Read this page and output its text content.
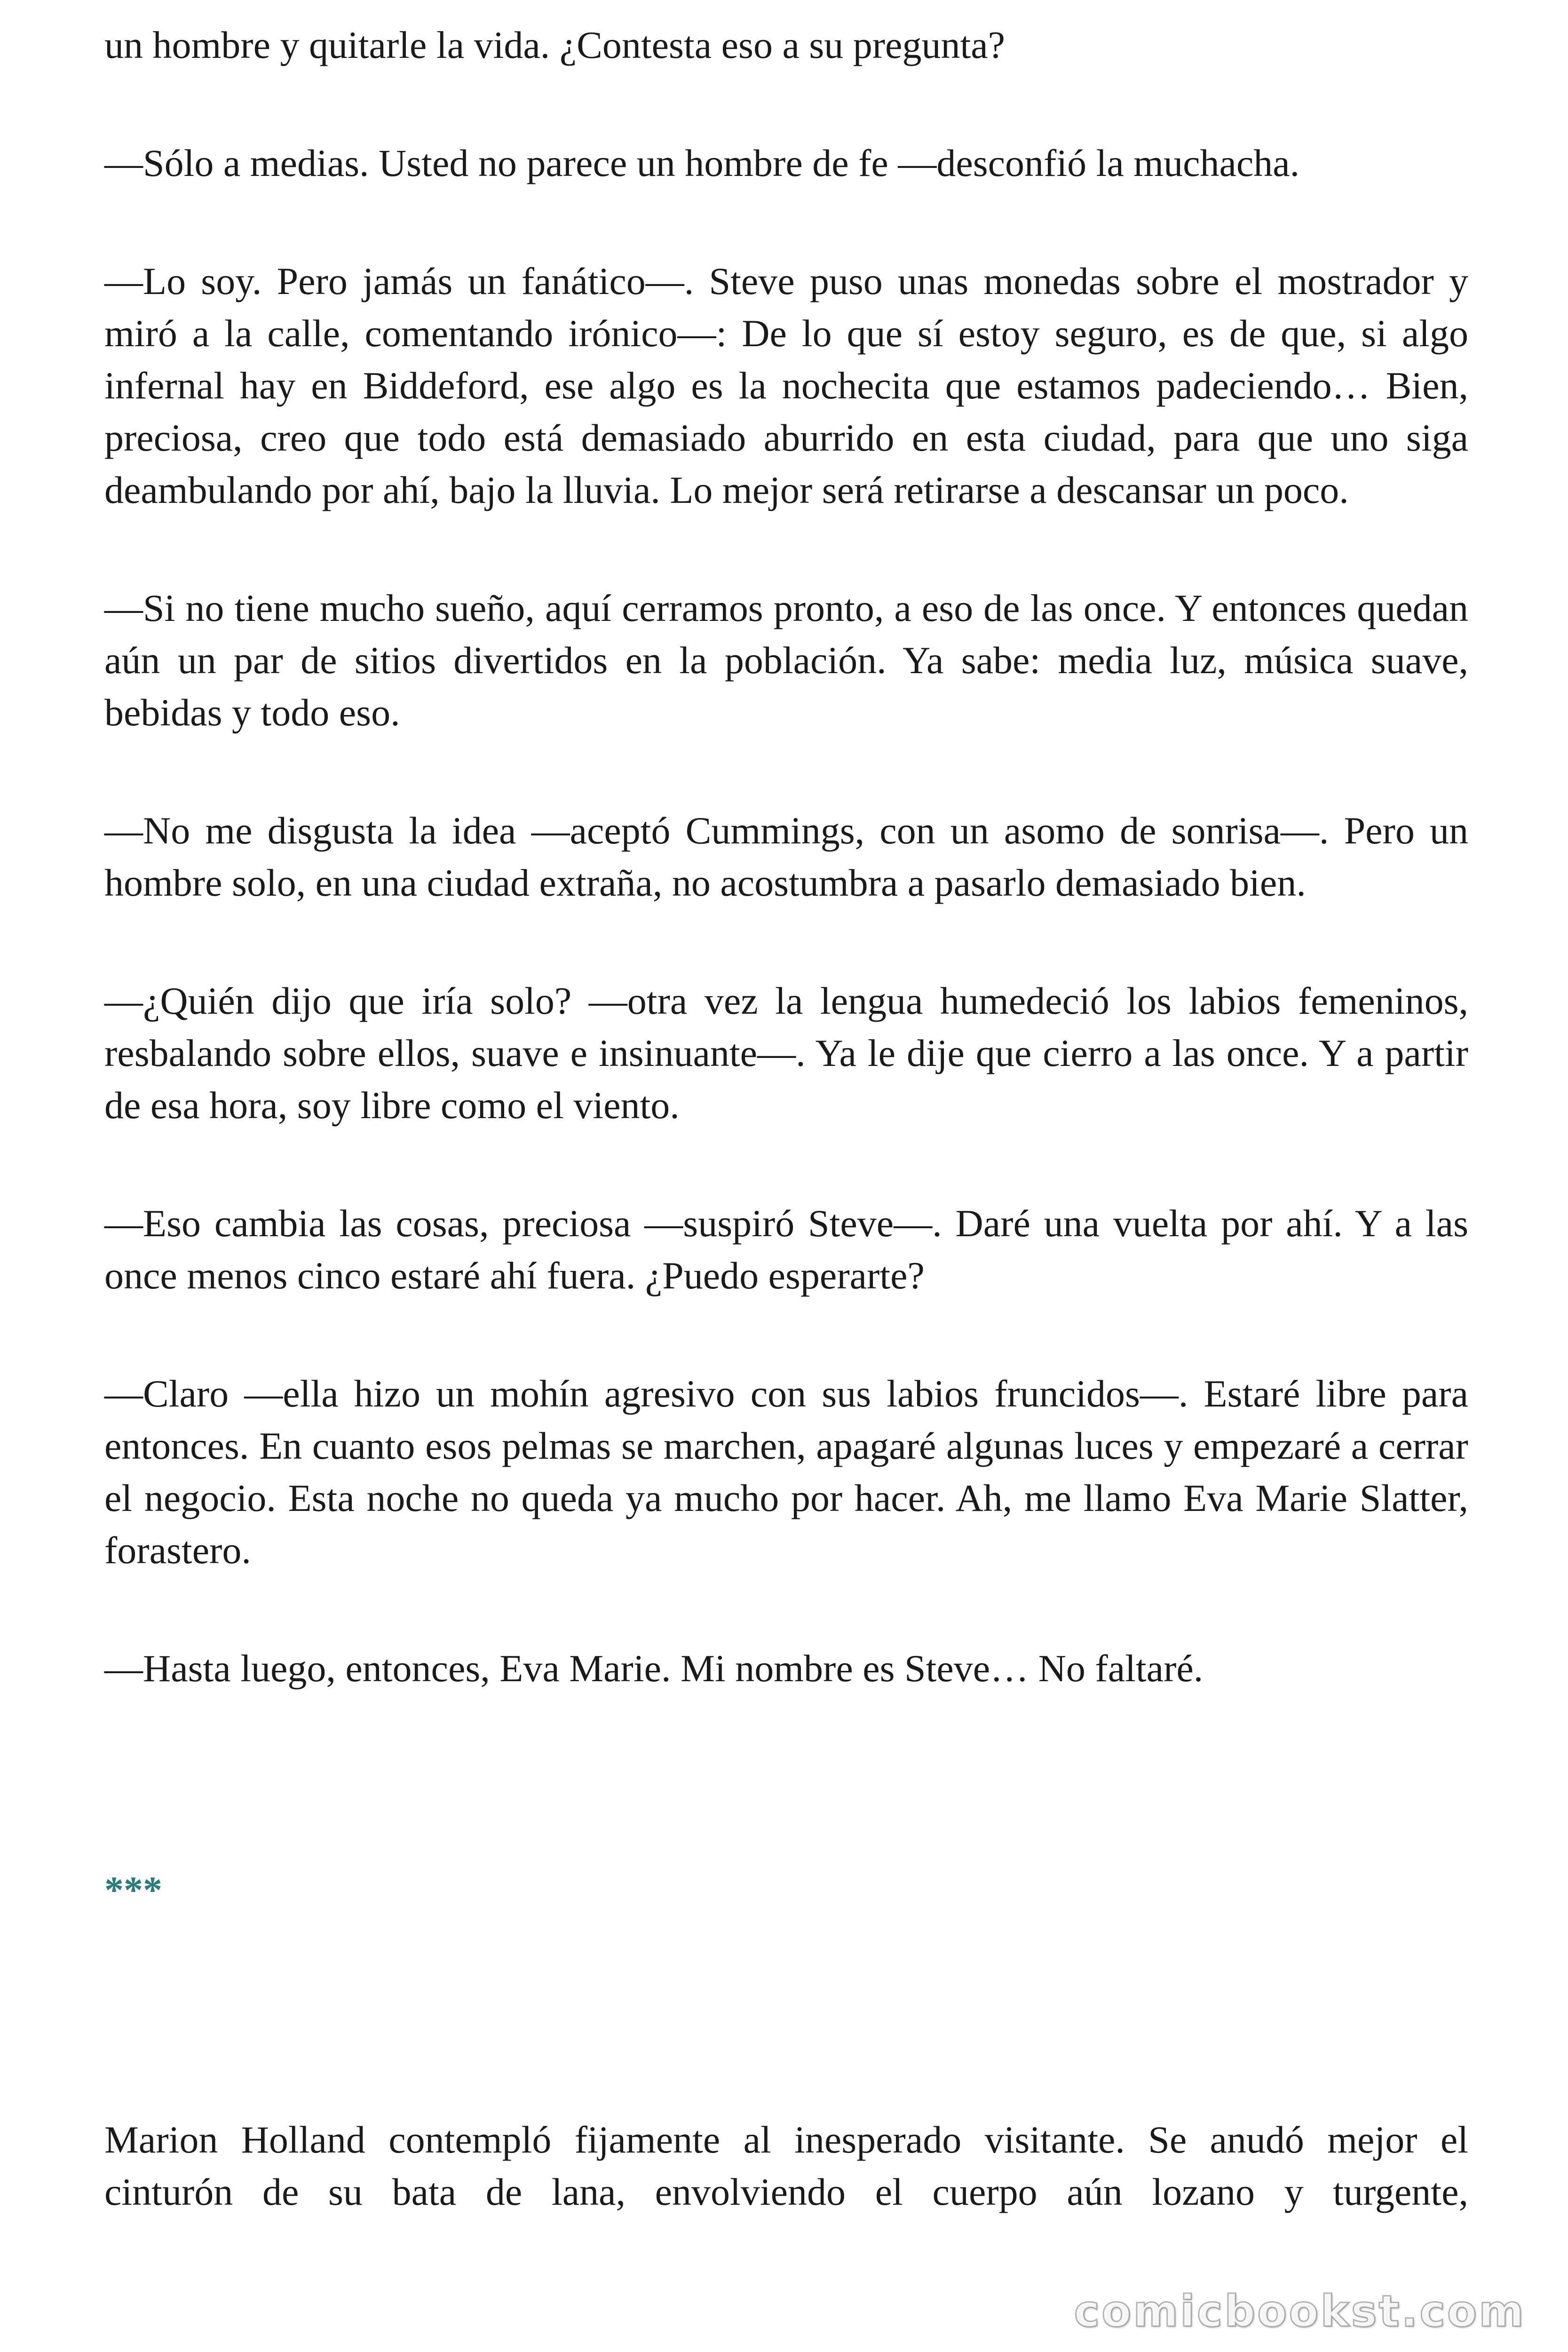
un hombre y quitarle la vida. ¿Contesta eso a su pregunta?

—Sólo a medias. Usted no parece un hombre de fe —desconfió la muchacha.

—Lo soy. Pero jamás un fanático—. Steve puso unas monedas sobre el mostrador y miró a la calle, comentando irónico—: De lo que sí estoy seguro, es de que, si algo infernal hay en Biddeford, ese algo es la nochecita que estamos padeciendo… Bien, preciosa, creo que todo está demasiado aburrido en esta ciudad, para que uno siga deambulando por ahí, bajo la lluvia. Lo mejor será retirarse a descansar un poco.

—Si no tiene mucho sueño, aquí cerramos pronto, a eso de las once. Y entonces quedan aún un par de sitios divertidos en la población. Ya sabe: media luz, música suave, bebidas y todo eso.

—No me disgusta la idea —aceptó Cummings, con un asomo de sonrisa—. Pero un hombre solo, en una ciudad extraña, no acostumbra a pasarlo demasiado bien.

—¿Quién dijo que iría solo? —otra vez la lengua humedeció los labios femeninos, resbalando sobre ellos, suave e insinuante—. Ya le dije que cierro a las once. Y a partir de esa hora, soy libre como el viento.

—Eso cambia las cosas, preciosa —suspiró Steve—. Daré una vuelta por ahí. Y a las once menos cinco estaré ahí fuera. ¿Puedo esperarte?

—Claro —ella hizo un mohín agresivo con sus labios fruncidos—. Estaré libre para entonces. En cuanto esos pelmas se marchen, apagaré algunas luces y empezaré a cerrar el negocio. Esta noche no queda ya mucho por hacer. Ah, me llamo Eva Marie Slatter, forastero.

—Hasta luego, entonces, Eva Marie. Mi nombre es Steve… No faltaré.

***

Marion Holland contempló fijamente al inesperado visitante. Se anudó mejor el cinturón de su bata de lana, envolviendo el cuerpo aún lozano y turgente,

comicbookst.com
